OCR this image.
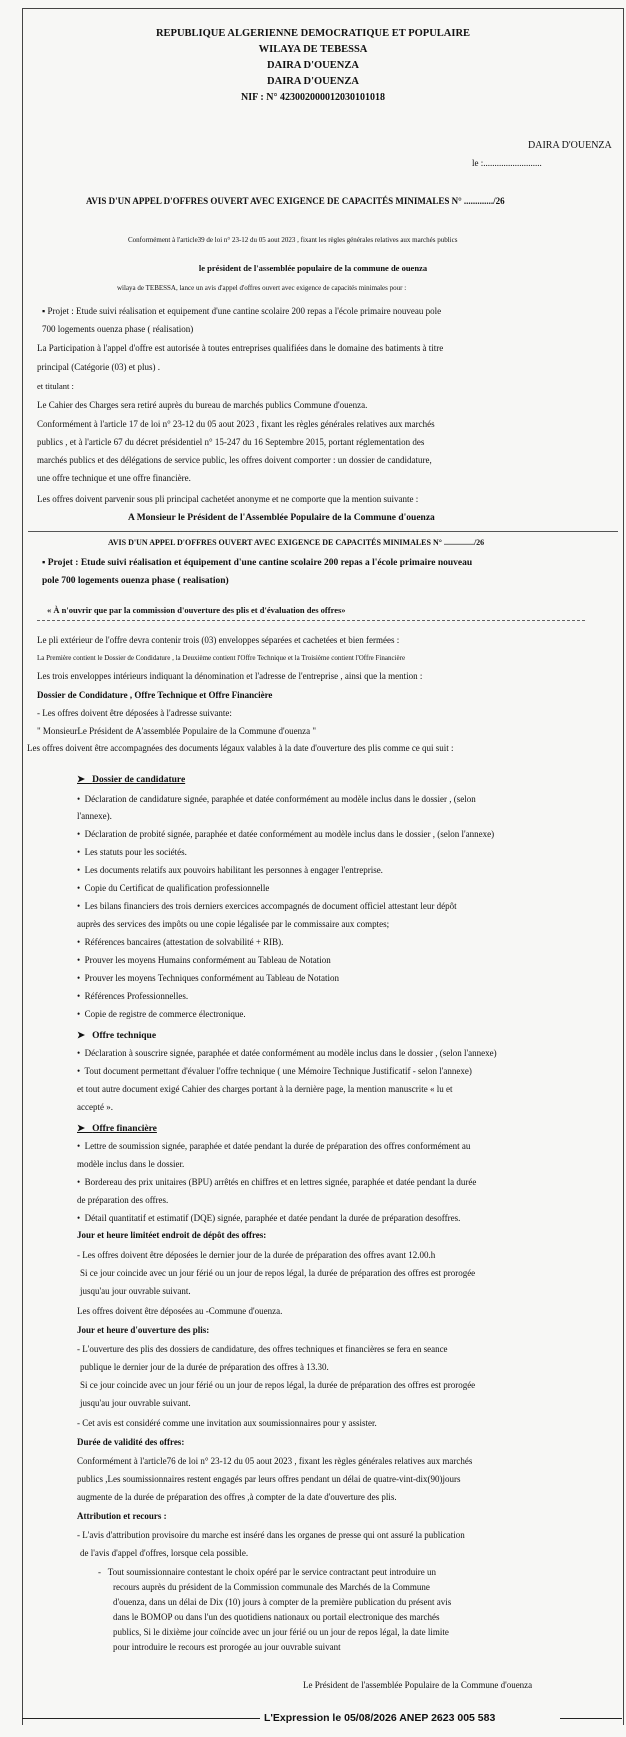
REPUBLIQUE ALGERIENNE DEMOCRATIQUE ET POPULAIRE
WILAYA DE TEBESSA
DAIRA D'OUENZA
DAIRA D'OUENZA
NIF : N° 423002000012030101018
DAIRA D'OUENZA
le :..........................
AVIS D'UN APPEL D'OFFRES OUVERT AVEC EXIGENCE DE CAPACITÉS MINIMALES N° ............./26
Conformément à l'article39 de loi n° 23-12 du 05 aout 2023 , fixant les règles générales relatives aux marchés publics
le président de l'assemblée populaire de la commune de ouenza
wilaya de TEBESSA, lance un avis d'appel d'offres ouvert avec exigence de capacités minimales pour :
▪ Projet : Etude suivi réalisation et equipement d'une cantine scolaire 200 repas a l'école primaire nouveau pole
700 logements ouenza phase ( réalisation)
La Participation à l'appel d'offre est autorisée à toutes entreprises qualifiées dans le domaine des batiments à titre
principal (Catégorie (03) et plus) .
et titulant :
Le Cahier des Charges sera retiré auprès du bureau de marchés publics Commune d'ouenza.
Conformément à l'article 17 de loi n° 23-12 du 05 aout 2023 , fixant les règles générales relatives aux marchés
publics , et à l'article 67 du décret présidentiel n° 15-247 du 16 Septembre 2015, portant réglementation des
marchés publics et des délégations de service public, les offres doivent comporter : un dossier de candidature,
une offre technique et une offre financière.
Les offres doivent parvenir sous pli principal cachetéet anonyme et ne comporte que la mention suivante :
A Monsieur le Président de l'Assemblée Populaire de la Commune d'ouenza
AVIS D'UN APPEL D'OFFRES OUVERT AVEC EXIGENCE DE CAPACITÉS MINIMALES N° .............../26
▪ Projet : Etude suivi réalisation et équipement d'une cantine scolaire 200 repas a l'école primaire nouveau
pole 700 logements ouenza phase ( realisation)
« À n'ouvrir que par la commission d'ouverture des plis et d'évaluation des offres»
Le pli extérieur de l'offre devra contenir trois (03) enveloppes séparées et cachetées et bien fermées :
La Première contient le Dossier de Condidature , la Deuxième contient l'Offre Technique et la Troisième contient l'Offre Financière
Les trois enveloppes intérieurs indiquant la dénomination et l'adresse de l'entreprise , ainsi que la mention :
Dossier de Condidature , Offre Technique et Offre Financière
- Les offres doivent être déposées à l'adresse suivante:
" MonsieurLe Président de A'assemblée Populaire de la Commune d'ouenza "
Les offres doivent être accompagnées des documents légaux valables à la date d'ouverture des plis comme ce qui suit :
➤   Dossier de candidature
•  Déclaration de candidature signée, paraphée et datée conformément au modèle inclus dans le dossier , (selon
l'annexe).
•  Déclaration de probité signée, paraphée et datée conformément au modèle inclus dans le dossier , (selon l'annexe)
•  Les statuts pour les sociétés.
•  Les documents relatifs aux pouvoirs habilitant les personnes à engager l'entreprise.
•  Copie du Certificat de qualification professionnelle
•  Les bilans financiers des trois derniers exercices accompagnés de document officiel attestant leur dépôt
auprès des services des impôts ou une copie légalisée par le commissaire aux comptes;
•  Références bancaires (attestation de solvabilité + RIB).
•  Prouver les moyens Humains conformément au Tableau de Notation
•  Prouver les moyens Techniques conformément au Tableau de Notation
•  Références Professionnelles.
•  Copie de registre de commerce électronique.
➤   Offre technique
•  Déclaration à souscrire signée, paraphée et datée conformément au modèle inclus dans le dossier , (selon l'annexe)
•  Tout document permettant d'évaluer l'offre technique ( une Mémoire Technique Justificatif - selon l'annexe)
et tout autre document exigé Cahier des charges portant à la dernière page, la mention manuscrite « lu et
accepté ».
➤   Offre financière
•  Lettre de soumission signée, paraphée et datée pendant la durée de préparation des offres conformément au
modèle inclus dans le dossier.
•  Bordereau des prix unitaires (BPU) arrêtés en chiffres et en lettres signée, paraphée et datée pendant la durée
de préparation des offres.
•  Détail quantitatif et estimatif (DQE) signée, paraphée et datée pendant la durée de préparation desoffres.
Jour et heure limitéet endroit de dépôt des offres:
- Les offres doivent être déposées le dernier jour de la durée de préparation des offres avant 12.00.h
Si ce jour coincide avec un jour férié ou un jour de repos légal, la durée de préparation des offres est prorogée
jusqu'au jour ouvrable suivant.
Les offres doivent être déposées au -Commune d'ouenza.
Jour et heure d'ouverture des plis:
- L'ouverture des plis des dossiers de candidature, des offres techniques et financières se fera en seance
publique le dernier jour de la durée de préparation des offres à 13.30.
Si ce jour coincide avec un jour férié ou un jour de repos légal, la durée de préparation des offres est prorogée
jusqu'au jour ouvrable suivant.
- Cet avis est considéré comme une invitation aux soumissionnaires pour y assister.
Durée de validité des offres:
Conformément à l'article76 de loi n° 23-12 du 05 aout 2023 , fixant les règles générales relatives aux marchés
publics ,Les soumissionnaires restent engagés par leurs offres pendant un délai de quatre-vint-dix(90)jours
augmente de la durée de préparation des offres ,à compter de la date d'ouverture des plis.
Attribution et recours :
- L'avis d'attribution provisoire du marche est inséré dans les organes de presse qui ont assuré la publication
de l'avis d'appel d'offres, lorsque cela possible.
-   Tout soumissionnaire contestant le choix opéré par le service contractant peut introduire un
recours auprès du président de la Commission communale des Marchés de la Commune
d'ouenza, dans un délai de Dix (10) jours à compter de la première publication du présent avis
dans le BOMOP ou dans l'un des quotidiens nationaux ou portail electronique des marchés
publics, Si le dixième jour coïncide avec un jour férié ou un jour de repos légal, la date limite
pour introduire le recours est prorogée au jour ouvrable suivant
Le Président de l'assemblée Populaire de la Commune d'ouenza
L'Expression le 05/08/2026 ANEP 2623 005 583
